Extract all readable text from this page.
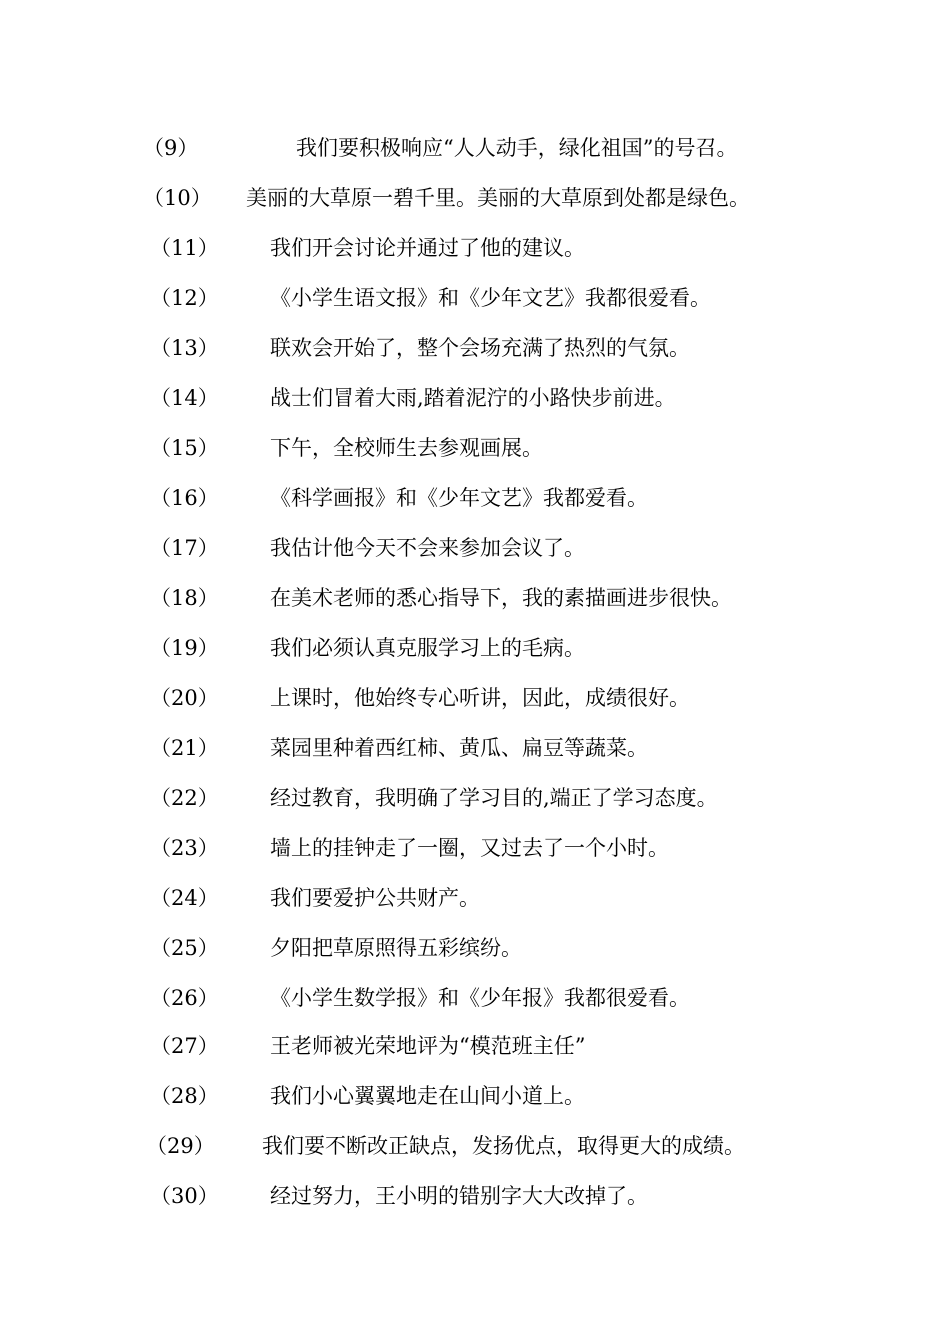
（9）	我们要积极响应“人人动手，绿化祖国”的号召。
（10） 美丽的大草原一碧千里。美丽的大草原到处都是绿色。
（11） 我们开会讨论并通过了他的建议。
（12） 《小学生语文报》和《少年文艺》我都很爱看。
（13） 联欢会开始了，整个会场充满了热烈的气氛。
（14） 战士们冒着大雨,踏着泥泞的小路快步前进。
（15） 下午，全校师生去参观画展。
（16） 《科学画报》和《少年文艺》我都爱看。
（17） 我估计他今天不会来参加会议了。
（18） 在美术老师的悉心指导下，我的素描画进步很快。
（19） 我们必须认真克服学习上的毛病。
（20） 上课时，他始终专心听讲，因此，成绩很好。
（21） 菜园里种着西红柿、黄瓜、扁豆等蔬菜。
（22） 经过教育，我明确了学习目的,端正了学习态度。
（23） 墙上的挂钟走了一圈，又过去了一个小时。
（24） 我们要爱护公共财产。
（25） 夕阳把草原照得五彩缤纷。
（26） 《小学生数学报》和《少年报》我都很爱看。
（27） 王老师被光荣地评为“模范班主任”
（28） 我们小心翼翼地走在山间小道上。
（29） 我们要不断改正缺点，发扬优点，取得更大的成绩。
（30） 经过努力，王小明的错别字大大改掉了。
